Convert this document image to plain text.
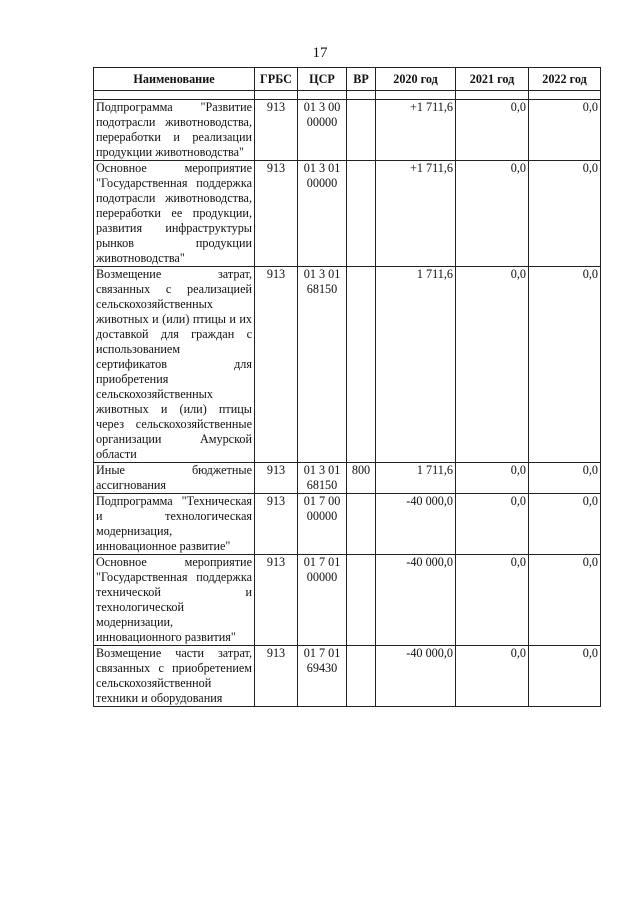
17
Наименование	ГРБС	ЦСР	ВР	2020 год	2021 год	2022 год

Подпрограмма "Развитие подотрасли животноводства, переработки и реализации продукции животноводства"	913	01 3 00 00000		+1 711,6	0,0	0,0
Основное мероприятие "Государственная поддержка подотрасли животноводства, переработки ее продукции, развития инфраструктуры рынков продукции животноводства"	913	01 3 01 00000		+1 711,6	0,0	0,0
Возмещение затрат, связанных с реализацией сельскохозяйственных животных и (или) птицы и их доставкой для граждан с использованием сертификатов для приобретения сельскохозяйственных животных и (или) птицы через сельскохозяйственные организации Амурской области	913	01 3 01 68150		1 711,6	0,0	0,0
Иные бюджетные ассигнования	913	01 3 01 68150	800	1 711,6	0,0	0,0
Подпрограмма "Техническая и технологическая модернизация, инновационное развитие"	913	01 7 00 00000		-40 000,0	0,0	0,0
Основное мероприятие "Государственная поддержка технической и технологической модернизации, инновационного развития"	913	01 7 01 00000		-40 000,0	0,0	0,0
Возмещение части затрат, связанных с приобретением сельскохозяйственной техники и оборудования	913	01 7 01 69430		-40 000,0	0,0	0,0
